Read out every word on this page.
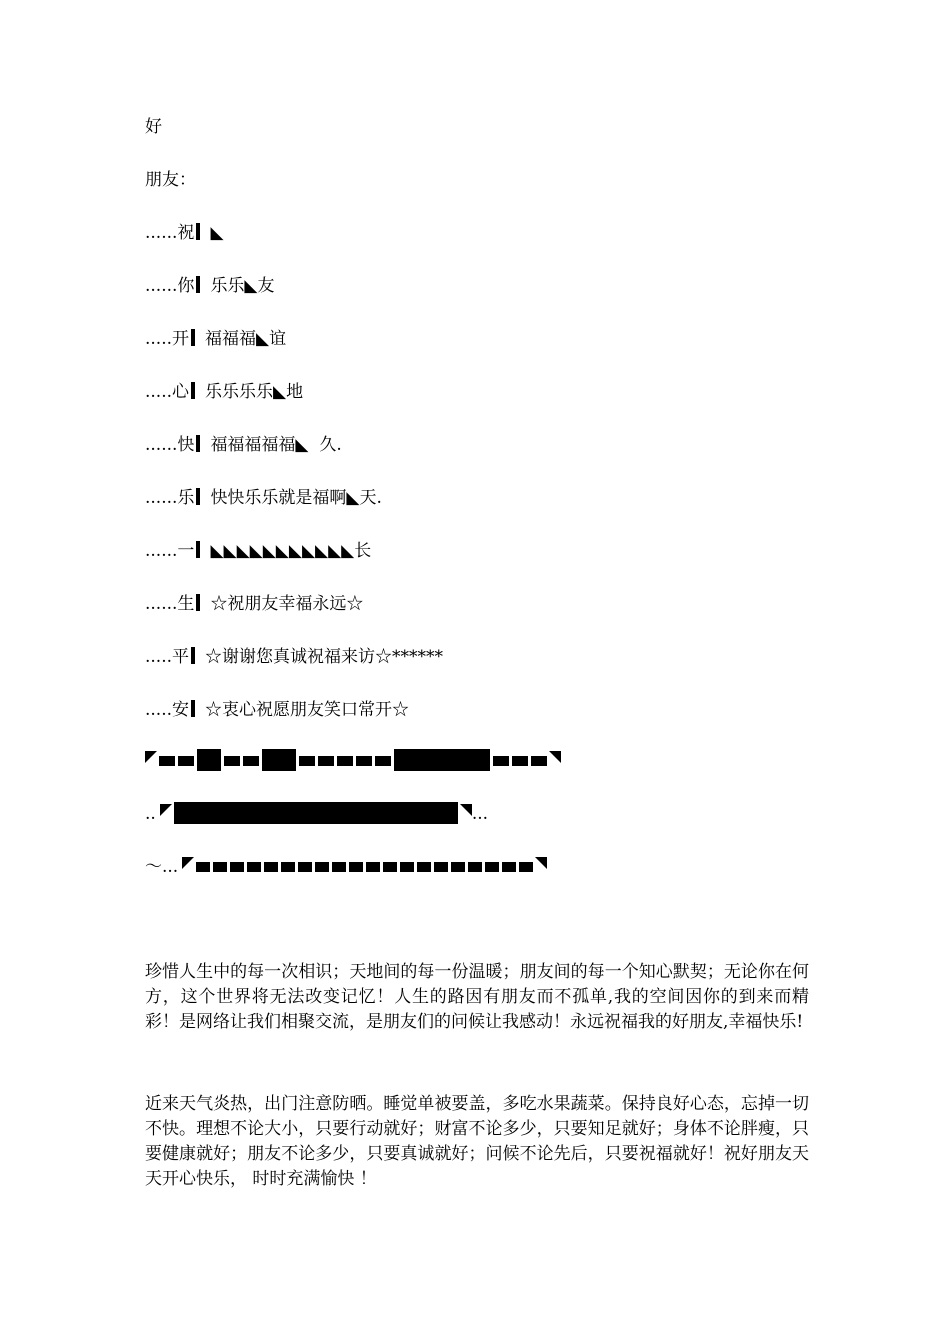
好
朋友：
......祝 ◣
......你 乐乐◣友
.....开 福福福◣谊
.....心 乐乐乐乐◣地
......快 福福福福福◣  久.
......乐 快快乐乐就是福啊◣天.
......一 ◣◣◣◣◣◣◣◣◣◣◣长
......生 ☆祝朋友幸福永远☆
.....平 ☆谢谢您真诚祝福来访☆******
.....安 ☆衷心祝愿朋友笑口常开☆
..	...
～...
珍惜人生中的每一次相识；天地间的每一份温暖；朋友间的每一个知心默契；无论你在何方，这个世界将无法改变记忆！人生的路因有朋友而不孤单,我的空间因你的到来而精彩！是网络让我们相聚交流，是朋友们的问候让我感动！永远祝福我的好朋友,幸福快乐!
近来天气炎热，出门注意防晒。睡觉单被要盖，多吃水果蔬菜。保持良好心态，忘掉一切不快。理想不论大小，只要行动就好；财富不论多少，只要知足就好；身体不论胖瘦，只要健康就好；朋友不论多少，只要真诚就好；问候不论先后，只要祝福就好！祝好朋友天天开心快乐， 时时充满愉快 ！
